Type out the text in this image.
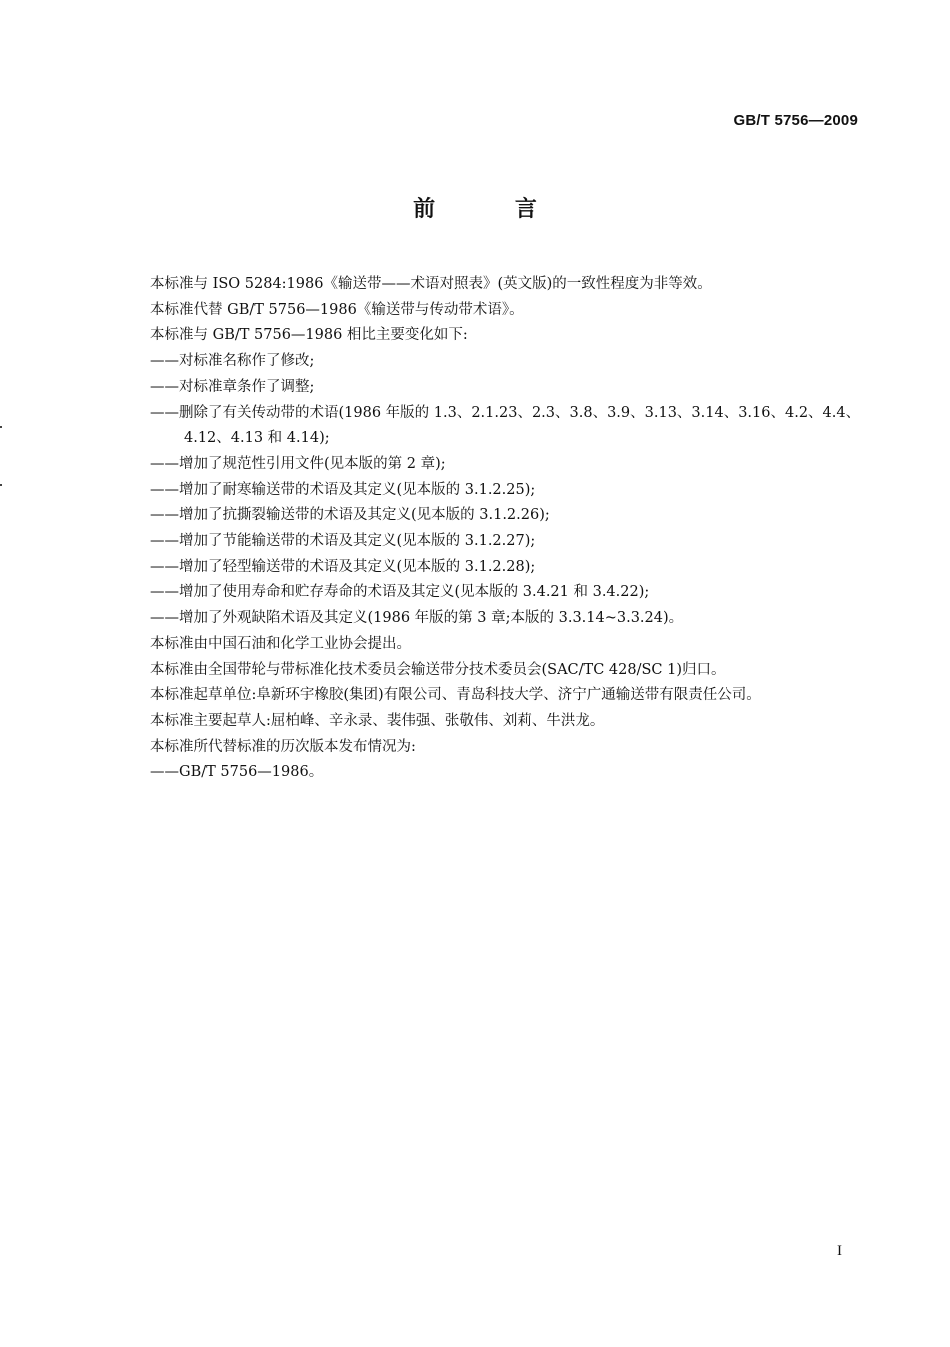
GB/T 5756—2009
前 言
本标准与 ISO 5284:1986《输送带——术语对照表》(英文版)的一致性程度为非等效。
本标准代替 GB/T 5756—1986《输送带与传动带术语》。
本标准与 GB/T 5756—1986 相比主要变化如下:
——对标准名称作了修改;
——对标准章条作了调整;
——删除了有关传动带的术语(1986 年版的 1.3、2.1.23、2.3、3.8、3.9、3.13、3.14、3.16、4.2、4.4、
4.12、4.13 和 4.14);
——增加了规范性引用文件(见本版的第 2 章);
——增加了耐寒输送带的术语及其定义(见本版的 3.1.2.25);
——增加了抗撕裂输送带的术语及其定义(见本版的 3.1.2.26);
——增加了节能输送带的术语及其定义(见本版的 3.1.2.27);
——增加了轻型输送带的术语及其定义(见本版的 3.1.2.28);
——增加了使用寿命和贮存寿命的术语及其定义(见本版的 3.4.21 和 3.4.22);
——增加了外观缺陷术语及其定义(1986 年版的第 3 章;本版的 3.3.14~3.3.24)。
本标准由中国石油和化学工业协会提出。
本标准由全国带轮与带标准化技术委员会输送带分技术委员会(SAC/TC 428/SC 1)归口。
本标准起草单位:阜新环宇橡胶(集团)有限公司、青岛科技大学、济宁广通输送带有限责任公司。
本标准主要起草人:屈柏峰、辛永录、裴伟强、张敬伟、刘莉、牛洪龙。
本标准所代替标准的历次版本发布情况为:
——GB/T 5756—1986。
I
